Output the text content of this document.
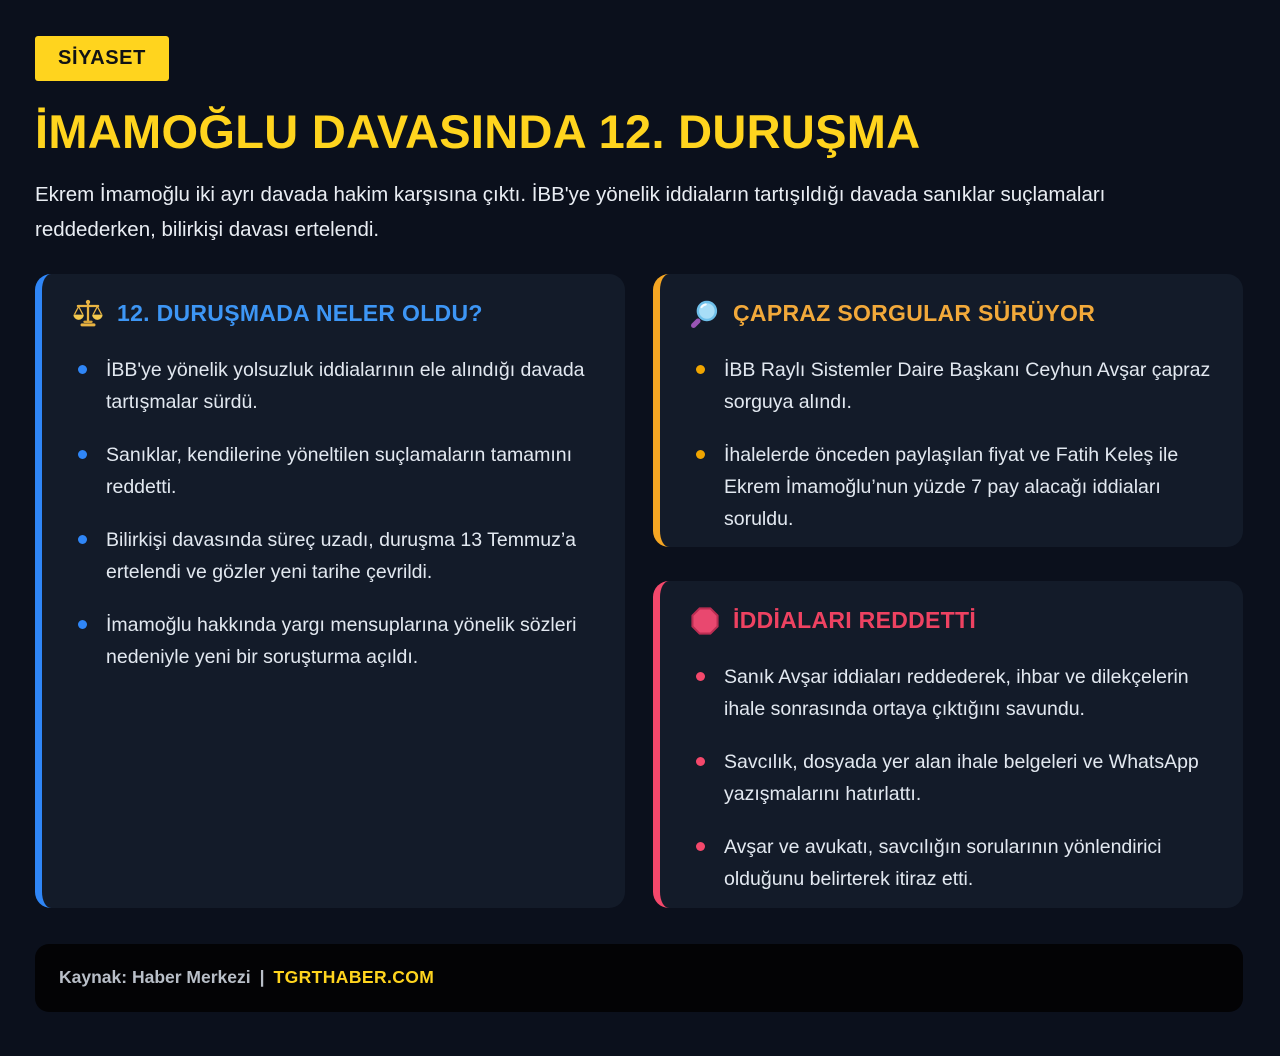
SİYASET
İMAMOĞLU DAVASINDA 12. DURUŞMA

Ekrem İmamoğlu iki ayrı davada hakim karşısına çıktı. İBB'ye yönelik iddiaların tartışıldığı davada sanıklar suçlamaları reddederken, bilirkişi davası ertelendi.

12. DURUŞMADA NELER OLDU?
İBB'ye yönelik yolsuzluk iddialarının ele alındığı davada tartışmalar sürdü.
Sanıklar, kendilerine yöneltilen suçlamaların tamamını reddetti.
Bilirkişi davasında süreç uzadı, duruşma 13 Temmuz’a ertelendi ve gözler yeni tarihe çevrildi.
İmamoğlu hakkında yargı mensuplarına yönelik sözleri nedeniyle yeni bir soruşturma açıldı.
ÇAPRAZ SORGULAR SÜRÜYOR
İBB Raylı Sistemler Daire Başkanı Ceyhun Avşar çapraz sorguya alındı.
İhalelerde önceden paylaşılan fiyat ve Fatih Keleş ile Ekrem İmamoğlu’nun yüzde 7 pay alacağı iddiaları soruldu.
İDDİALARI REDDETTİ
Sanık Avşar iddiaları reddederek, ihbar ve dilekçelerin ihale sonrasında ortaya çıktığını savundu.
Savcılık, dosyada yer alan ihale belgeleri ve WhatsApp yazışmalarını hatırlattı.
Avşar ve avukatı, savcılığın sorularının yönlendirici olduğunu belirterek itiraz etti.
Kaynak: Haber Merkezi | TGRTHABER.COM
